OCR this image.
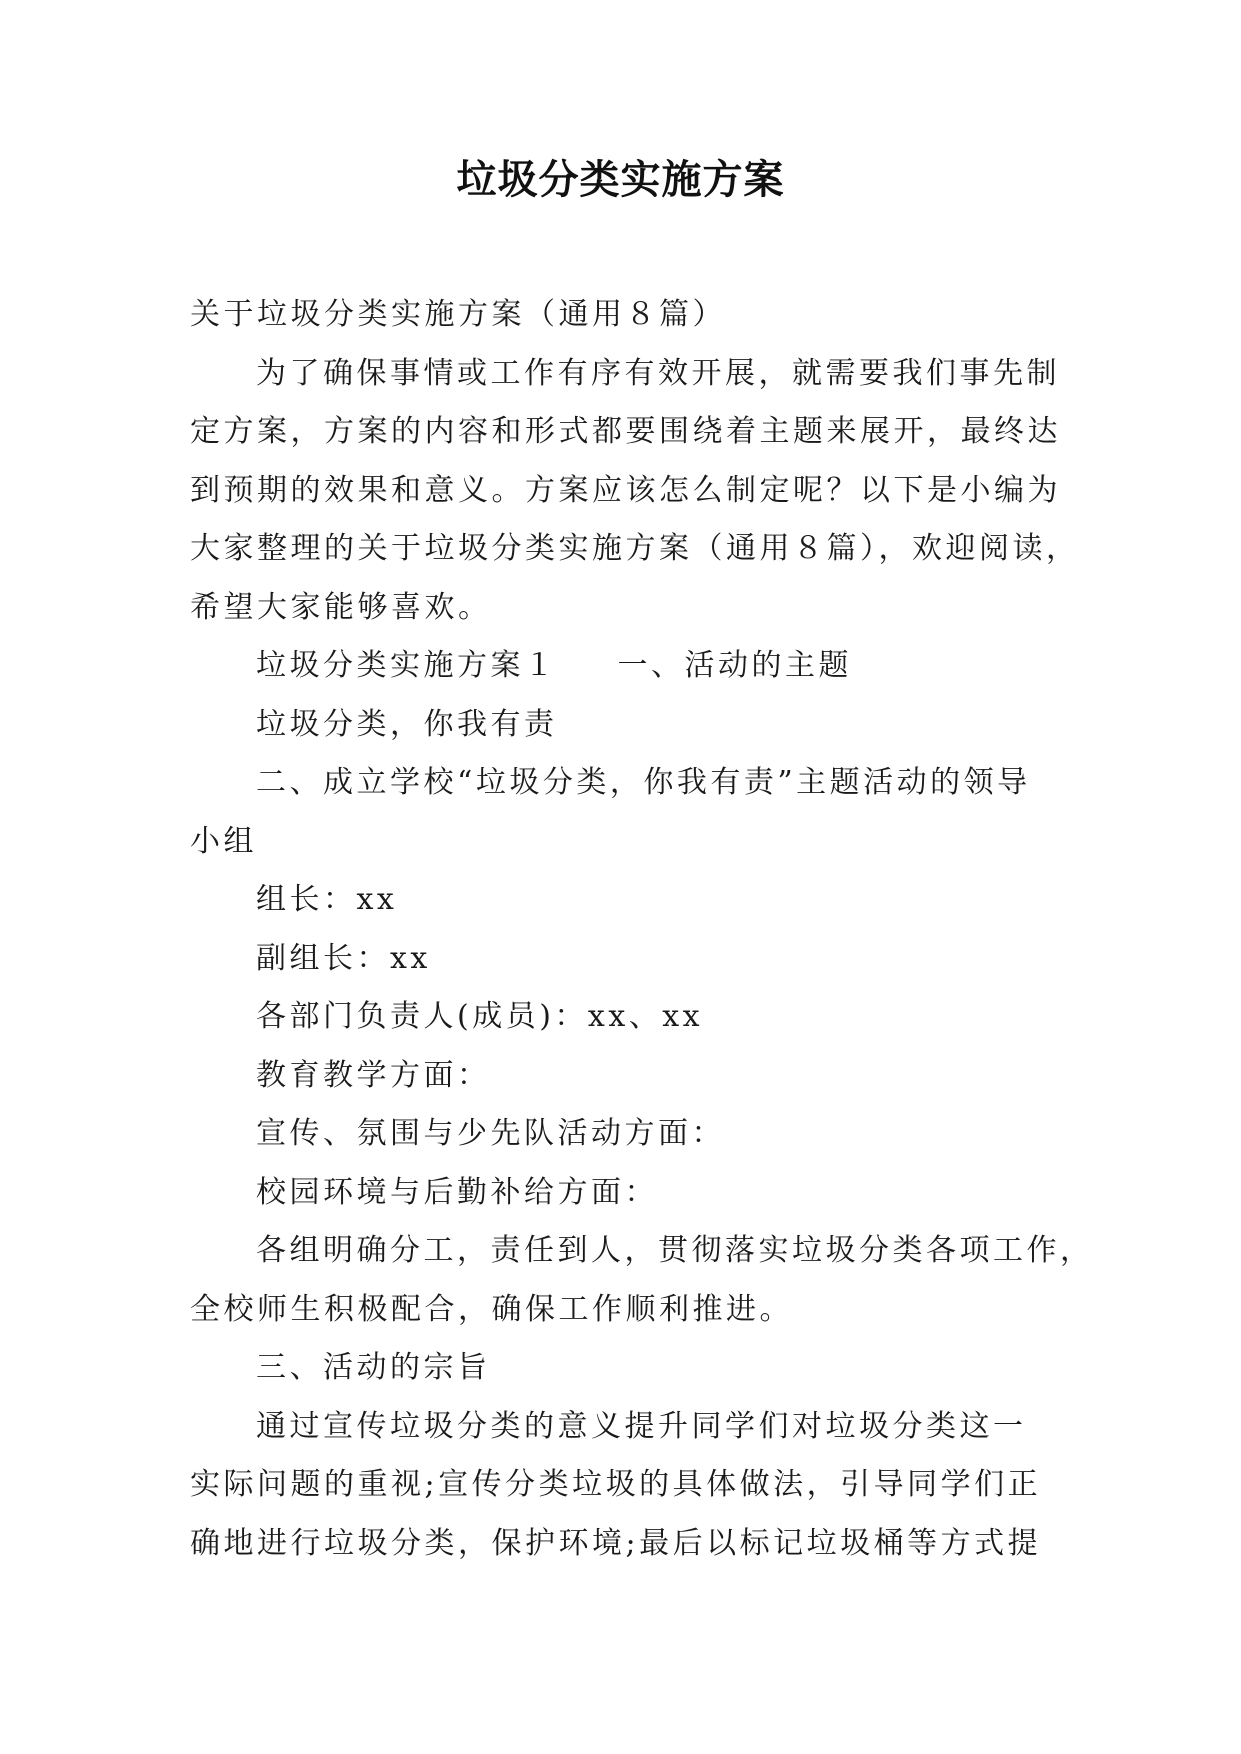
垃圾分类实施方案

关于垃圾分类实施方案（通用８篇）

为了确保事情或工作有序有效开展，就需要我们事先制

定方案，方案的内容和形式都要围绕着主题来展开，最终达

到预期的效果和意义。方案应该怎么制定呢？以下是小编为

大家整理的关于垃圾分类实施方案（通用８篇），欢迎阅读，

希望大家能够喜欢。

垃圾分类实施方案１ 一、活动的主题

垃圾分类，你我有责

二、成立学校“垃圾分类，你我有责”主题活动的领导

小组

组长：xx

副组长：xx

各部门负责人(成员)：xx、xx

教育教学方面：

宣传、氛围与少先队活动方面：

校园环境与后勤补给方面：

各组明确分工，责任到人，贯彻落实垃圾分类各项工作，

全校师生积极配合，确保工作顺利推进。

三、活动的宗旨

通过宣传垃圾分类的意义提升同学们对垃圾分类这一

实际问题的重视;宣传分类垃圾的具体做法，引导同学们正

确地进行垃圾分类，保护环境;最后以标记垃圾桶等方式提
